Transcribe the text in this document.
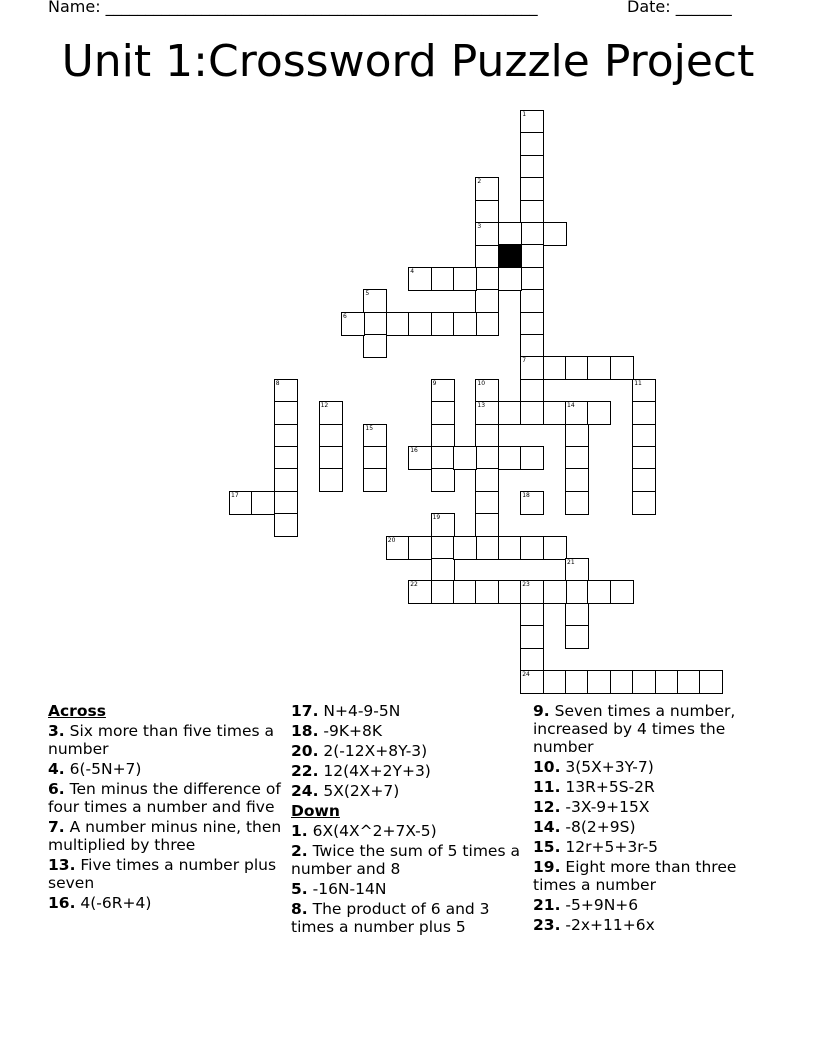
Name: ______________________________________________________	Date: _______
Unit 1:Crossword Puzzle Project
1
2
3
4
5
6
7
8	9	10
13
11
14
12
15
16
17	18
19
20
21
22	23
24
Across
3. Six more than five times a number
4. 6(-5N+7)
6. Ten minus the difference of four times a number and five
7. A number minus nine, then multiplied by three
13. Five times a number plus seven
16. 4(-6R+4)
17. N+4-9-5N
18. -9K+8K
20. 2(-12X+8Y-3)
22. 12(4X+2Y+3)
24. 5X(2X+7)
Down
1. 6X(4X^2+7X-5)
2. Twice the sum of 5 times a number and 8
5. -16N-14N
8. The product of 6 and 3 times a number plus 5
9. Seven times a number, increased by 4 times the number
10. 3(5X+3Y-7)
11. 13R+5S-2R
12. -3X-9+15X
14. -8(2+9S)
15. 12r+5+3r-5
19. Eight more than three times a number
21. -5+9N+6
23. -2x+11+6x
